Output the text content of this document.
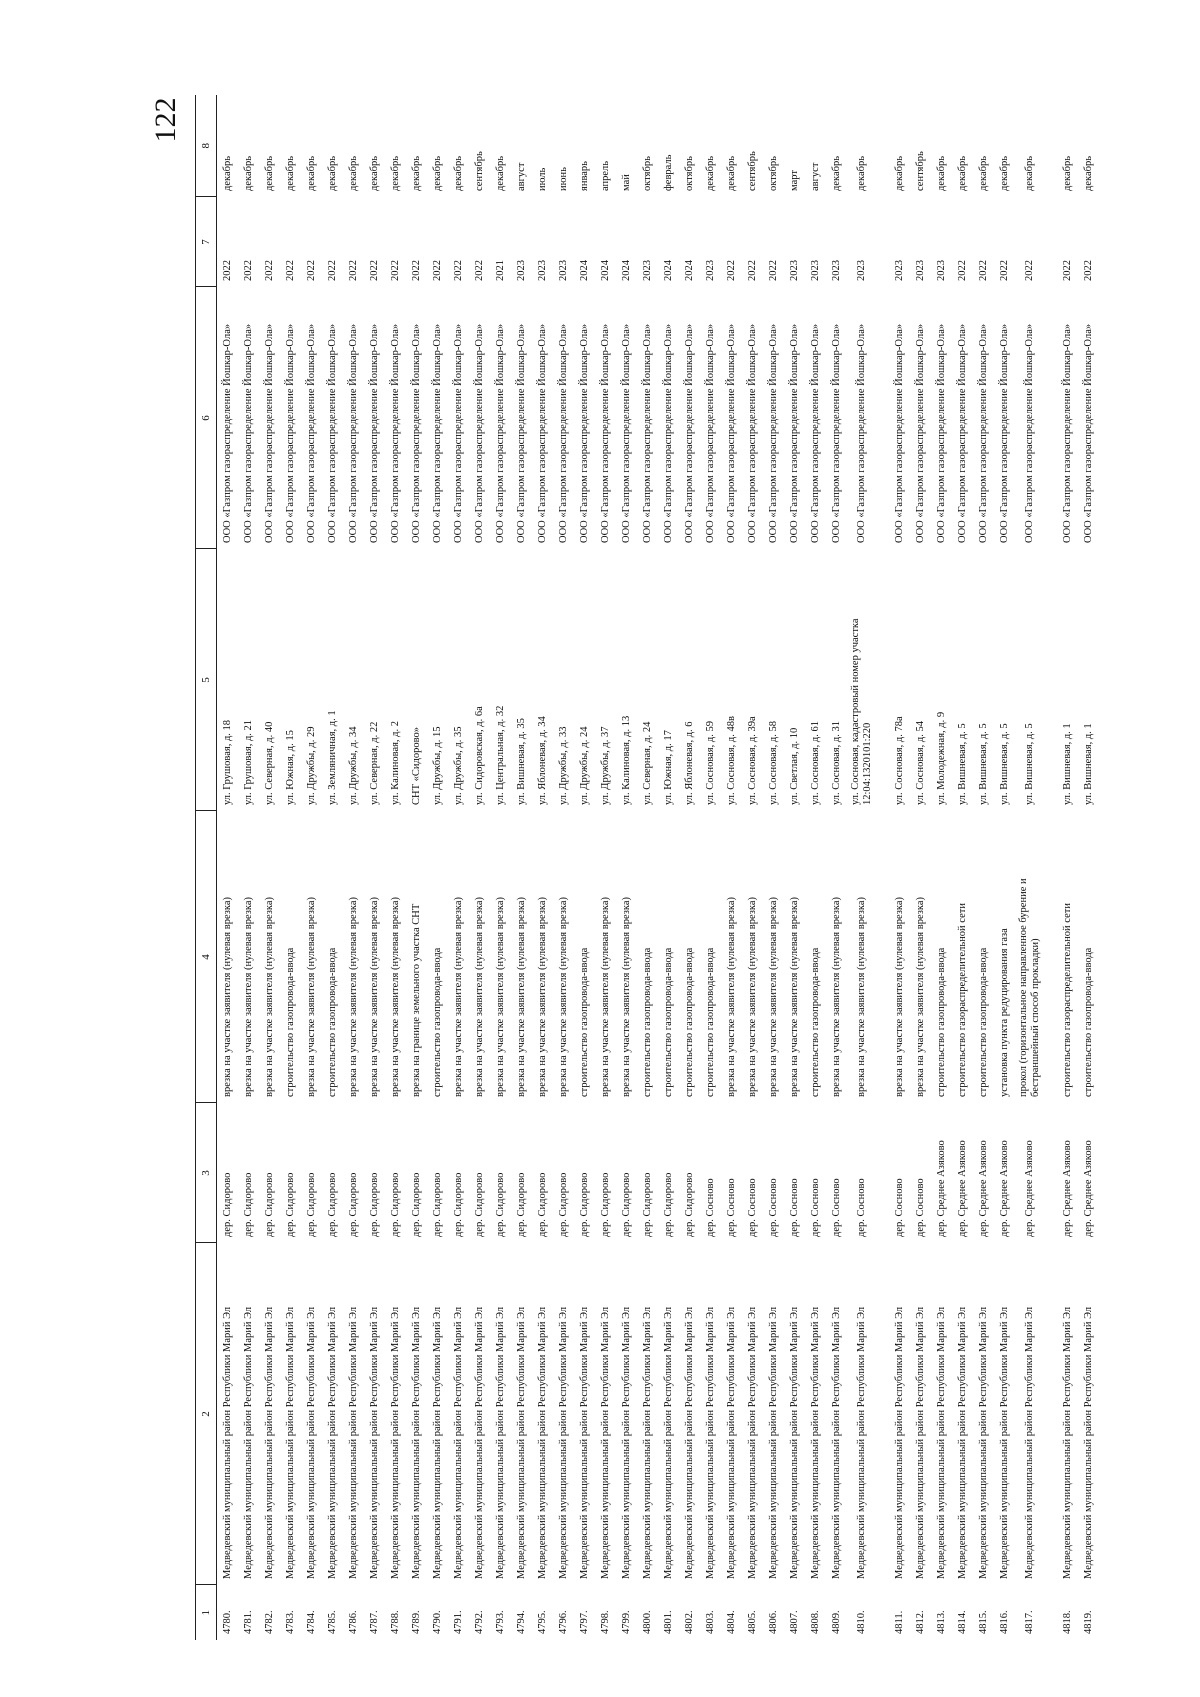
122
1	2	3	4	5	6	7	8
4780.	Медведевский муниципальный район Республики Марий Эл	дер. Сидорово	врезка на участке заявителя (нулевая врезка)	ул. Грушовая, д. 18	ООО «Газпром газораспределение Йошкар-Ола»	2022	декабрь
4781.	Медведевский муниципальный район Республики Марий Эл	дер. Сидорово	врезка на участке заявителя (нулевая врезка)	ул. Грушовая, д. 21	ООО «Газпром газораспределение Йошкар-Ола»	2022	декабрь
4782.	Медведевский муниципальный район Республики Марий Эл	дер. Сидорово	врезка на участке заявителя (нулевая врезка)	ул. Северная, д. 40	ООО «Газпром газораспределение Йошкар-Ола»	2022	декабрь
4783.	Медведевский муниципальный район Республики Марий Эл	дер. Сидорово	строительство газопровода-ввода	ул. Южная, д. 15	ООО «Газпром газораспределение Йошкар-Ола»	2022	декабрь
4784.	Медведевский муниципальный район Республики Марий Эл	дер. Сидорово	врезка на участке заявителя (нулевая врезка)	ул. Дружбы, д. 29	ООО «Газпром газораспределение Йошкар-Ола»	2022	декабрь
4785.	Медведевский муниципальный район Республики Марий Эл	дер. Сидорово	строительство газопровода-ввода	ул. Земляничная, д. 1	ООО «Газпром газораспределение Йошкар-Ола»	2022	декабрь
4786.	Медведевский муниципальный район Республики Марий Эл	дер. Сидорово	врезка на участке заявителя (нулевая врезка)	ул. Дружбы, д. 34	ООО «Газпром газораспределение Йошкар-Ола»	2022	декабрь
4787.	Медведевский муниципальный район Республики Марий Эл	дер. Сидорово	врезка на участке заявителя (нулевая врезка)	ул. Северная, д. 22	ООО «Газпром газораспределение Йошкар-Ола»	2022	декабрь
4788.	Медведевский муниципальный район Республики Марий Эл	дер. Сидорово	врезка на участке заявителя (нулевая врезка)	ул. Калиновая, д. 2	ООО «Газпром газораспределение Йошкар-Ола»	2022	декабрь
4789.	Медведевский муниципальный район Республики Марий Эл	дер. Сидорово	врезка на границе земельного участка СНТ	СНТ «Сидорово»	ООО «Газпром газораспределение Йошкар-Ола»	2022	декабрь
4790.	Медведевский муниципальный район Республики Марий Эл	дер. Сидорово	строительство газопровода-ввода	ул. Дружбы, д. 15	ООО «Газпром газораспределение Йошкар-Ола»	2022	декабрь
4791.	Медведевский муниципальный район Республики Марий Эл	дер. Сидорово	врезка на участке заявителя (нулевая врезка)	ул. Дружбы, д. 35	ООО «Газпром газораспределение Йошкар-Ола»	2022	декабрь
4792.	Медведевский муниципальный район Республики Марий Эл	дер. Сидорово	врезка на участке заявителя (нулевая врезка)	ул. Сидоровская, д. 6а	ООО «Газпром газораспределение Йошкар-Ола»	2022	сентябрь
4793.	Медведевский муниципальный район Республики Марий Эл	дер. Сидорово	врезка на участке заявителя (нулевая врезка)	ул. Центральная, д. 32	ООО «Газпром газораспределение Йошкар-Ола»	2021	декабрь
4794.	Медведевский муниципальный район Республики Марий Эл	дер. Сидорово	врезка на участке заявителя (нулевая врезка)	ул. Вишневая, д. 35	ООО «Газпром газораспределение Йошкар-Ола»	2023	август
4795.	Медведевский муниципальный район Республики Марий Эл	дер. Сидорово	врезка на участке заявителя (нулевая врезка)	ул. Яблоневая, д. 34	ООО «Газпром газораспределение Йошкар-Ола»	2023	июль
4796.	Медведевский муниципальный район Республики Марий Эл	дер. Сидорово	врезка на участке заявителя (нулевая врезка)	ул. Дружбы, д. 33	ООО «Газпром газораспределение Йошкар-Ола»	2023	июнь
4797.	Медведевский муниципальный район Республики Марий Эл	дер. Сидорово	строительство газопровода-ввода	ул. Дружбы, д. 24	ООО «Газпром газораспределение Йошкар-Ола»	2024	январь
4798.	Медведевский муниципальный район Республики Марий Эл	дер. Сидорово	врезка на участке заявителя (нулевая врезка)	ул. Дружбы, д. 37	ООО «Газпром газораспределение Йошкар-Ола»	2024	апрель
4799.	Медведевский муниципальный район Республики Марий Эл	дер. Сидорово	врезка на участке заявителя (нулевая врезка)	ул. Калиновая, д. 13	ООО «Газпром газораспределение Йошкар-Ола»	2024	май
4800.	Медведевский муниципальный район Республики Марий Эл	дер. Сидорово	строительство газопровода-ввода	ул. Северная, д. 24	ООО «Газпром газораспределение Йошкар-Ола»	2023	октябрь
4801.	Медведевский муниципальный район Республики Марий Эл	дер. Сидорово	строительство газопровода-ввода	ул. Южная, д. 17	ООО «Газпром газораспределение Йошкар-Ола»	2024	февраль
4802.	Медведевский муниципальный район Республики Марий Эл	дер. Сидорово	строительство газопровода-ввода	ул. Яблоневая, д. 6	ООО «Газпром газораспределение Йошкар-Ола»	2024	октябрь
4803.	Медведевский муниципальный район Республики Марий Эл	дер. Сосново	строительство газопровода-ввода	ул. Сосновая, д. 59	ООО «Газпром газораспределение Йошкар-Ола»	2023	декабрь
4804.	Медведевский муниципальный район Республики Марий Эл	дер. Сосново	врезка на участке заявителя (нулевая врезка)	ул. Сосновая, д. 48в	ООО «Газпром газораспределение Йошкар-Ола»	2022	декабрь
4805.	Медведевский муниципальный район Республики Марий Эл	дер. Сосново	врезка на участке заявителя (нулевая врезка)	ул. Сосновая, д. 39а	ООО «Газпром газораспределение Йошкар-Ола»	2022	сентябрь
4806.	Медведевский муниципальный район Республики Марий Эл	дер. Сосново	врезка на участке заявителя (нулевая врезка)	ул. Сосновая, д. 58	ООО «Газпром газораспределение Йошкар-Ола»	2022	октябрь
4807.	Медведевский муниципальный район Республики Марий Эл	дер. Сосново	врезка на участке заявителя (нулевая врезка)	ул. Светлая, д. 10	ООО «Газпром газораспределение Йошкар-Ола»	2023	март
4808.	Медведевский муниципальный район Республики Марий Эл	дер. Сосново	строительство газопровода-ввода	ул. Сосновая, д. 61	ООО «Газпром газораспределение Йошкар-Ола»	2023	август
4809.	Медведевский муниципальный район Республики Марий Эл	дер. Сосново	врезка на участке заявителя (нулевая врезка)	ул. Сосновая, д. 31	ООО «Газпром газораспределение Йошкар-Ола»	2023	декабрь
4810.	Медведевский муниципальный район Республики Марий Эл	дер. Сосново	врезка на участке заявителя (нулевая врезка)	ул. Сосновая, кадастровый номер участка 12:04:1320101:220	ООО «Газпром газораспределение Йошкар-Ола»	2023	декабрь

4811.	Медведевский муниципальный район Республики Марий Эл	дер. Сосново	врезка на участке заявителя (нулевая врезка)	ул. Сосновая, д. 78а	ООО «Газпром газораспределение Йошкар-Ола»	2023	декабрь
4812.	Медведевский муниципальный район Республики Марий Эл	дер. Сосново	врезка на участке заявителя (нулевая врезка)	ул. Сосновая, д. 54	ООО «Газпром газораспределение Йошкар-Ола»	2023	сентябрь
4813.	Медведевский муниципальный район Республики Марий Эл	дер. Среднее Азяково	строительство газопровода-ввода	ул. Молодежная, д. 9	ООО «Газпром газораспределение Йошкар-Ола»	2023	декабрь
4814.	Медведевский муниципальный район Республики Марий Эл	дер. Среднее Азяково	строительство газораспределительной сети	ул. Вишневая, д. 5	ООО «Газпром газораспределение Йошкар-Ола»	2022	декабрь
4815.	Медведевский муниципальный район Республики Марий Эл	дер. Среднее Азяково	строительство газопровода-ввода	ул. Вишневая, д. 5	ООО «Газпром газораспределение Йошкар-Ола»	2022	декабрь
4816.	Медведевский муниципальный район Республики Марий Эл	дер. Среднее Азяково	установка пункта редуцирования газа	ул. Вишневая, д. 5	ООО «Газпром газораспределение Йошкар-Ола»	2022	декабрь
4817.	Медведевский муниципальный район Республики Марий Эл	дер. Среднее Азяково	прокол (горизонтальное направленное бурение и бестраншейный способ прокладки)	ул. Вишневая, д. 5	ООО «Газпром газораспределение Йошкар-Ола»	2022	декабрь

4818.	Медведевский муниципальный район Республики Марий Эл	дер. Среднее Азяково	строительство газораспределительной сети	ул. Вишневая, д. 1	ООО «Газпром газораспределение Йошкар-Ола»	2022	декабрь
4819.	Медведевский муниципальный район Республики Марий Эл	дер. Среднее Азяково	строительство газопровода-ввода	ул. Вишневая, д. 1	ООО «Газпром газораспределение Йошкар-Ола»	2022	декабрь
